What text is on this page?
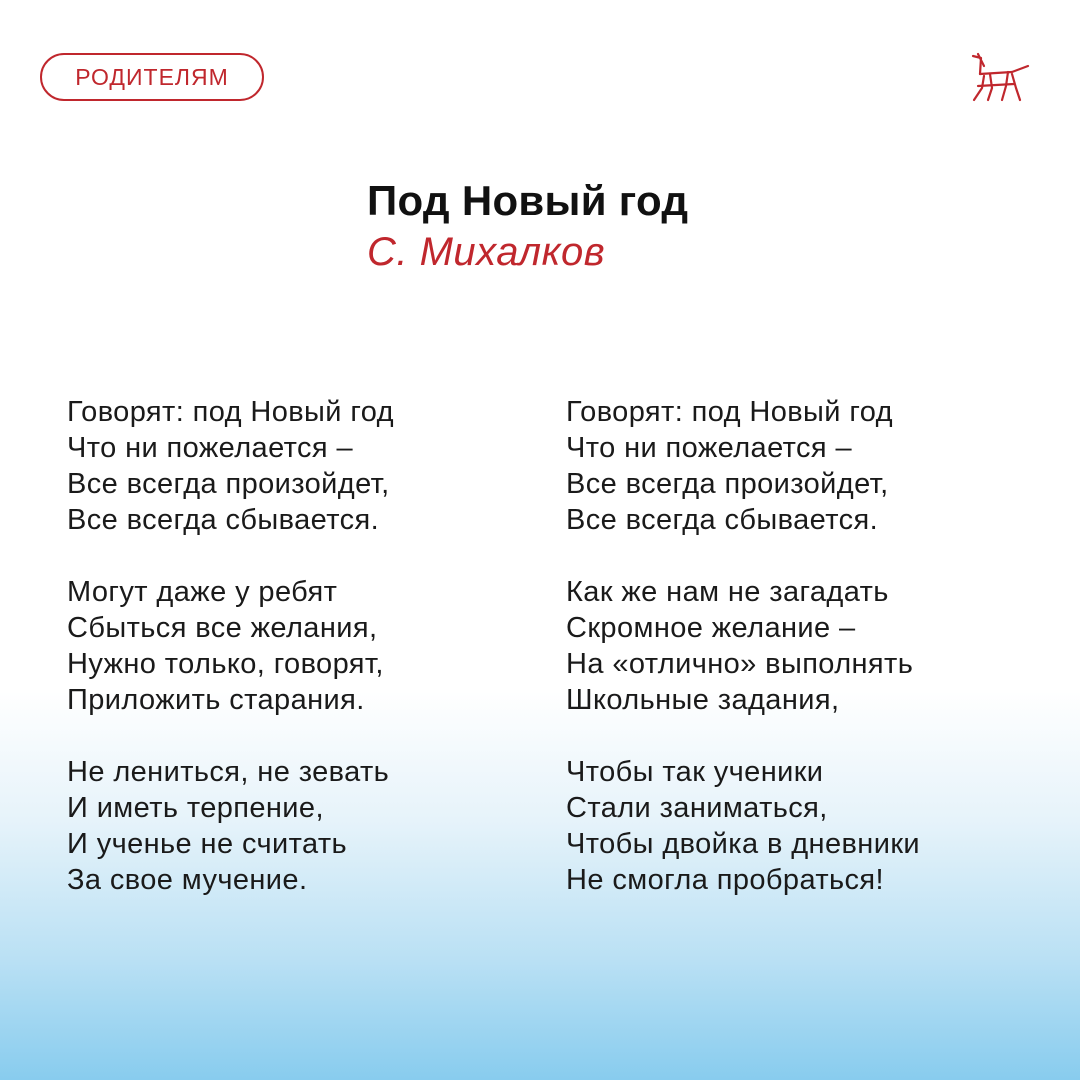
РОДИТЕЛЯМ
Под Новый год
С. Михалков
Говорят: под Новый год
Что ни пожелается –
Все всегда произойдет,
Все всегда сбывается.
Могут даже у ребят
Сбыться все желания,
Нужно только, говорят,
Приложить старания.
Не лениться, не зевать
И иметь терпение,
И ученье не считать
За свое мучение.
Говорят: под Новый год
Что ни пожелается –
Все всегда произойдет,
Все всегда сбывается.
Как же нам не загадать
Скромное желание –
На «отлично» выполнять
Школьные задания,
Чтобы так ученики
Стали заниматься,
Чтобы двойка в дневники
Не смогла пробраться!
